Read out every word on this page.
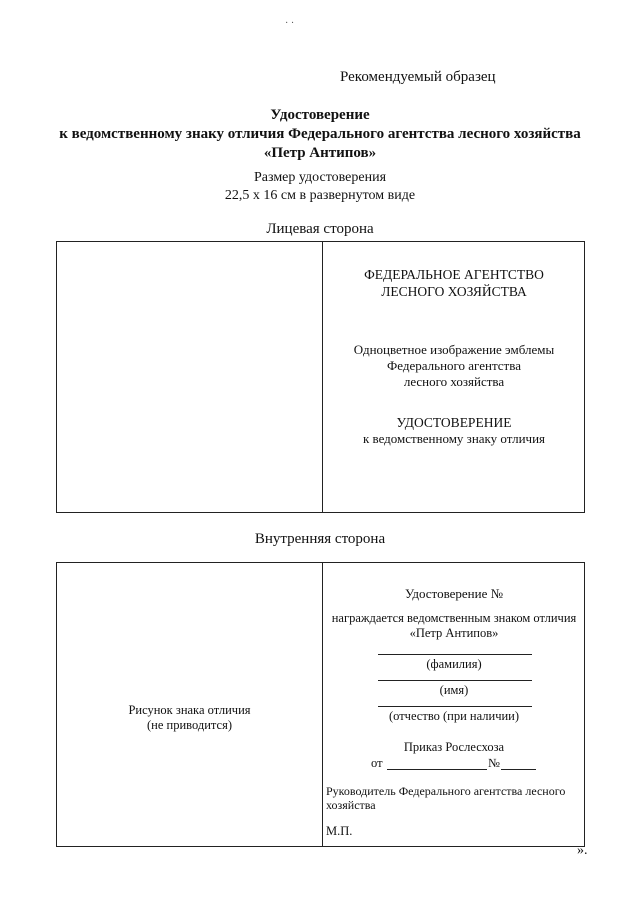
· ·
Рекомендуемый образец
Удостоверение
к ведомственному знаку отличия Федерального агентства лесного хозяйства
«Петр Антипов»
Размер удостоверения
22,5 х 16 см в развернутом виде
Лицевая сторона
ФЕДЕРАЛЬНОЕ АГЕНТСТВО
ЛЕСНОГО ХОЗЯЙСТВА
Одноцветное изображение эмблемы
Федерального агентства
лесного хозяйства
УДОСТОВЕРЕНИЕ
к ведомственному знаку отличия
Внутренняя сторона
Рисунок знака отличия
(не приводится)
Удостоверение №
награждается ведомственным знаком отличия
«Петр Антипов»
(фамилия)
(имя)
(отчество (при наличии)
Приказ Рослесхоза
от	№
Руководитель Федерального агентства лесного
хозяйства
М.П.
».
